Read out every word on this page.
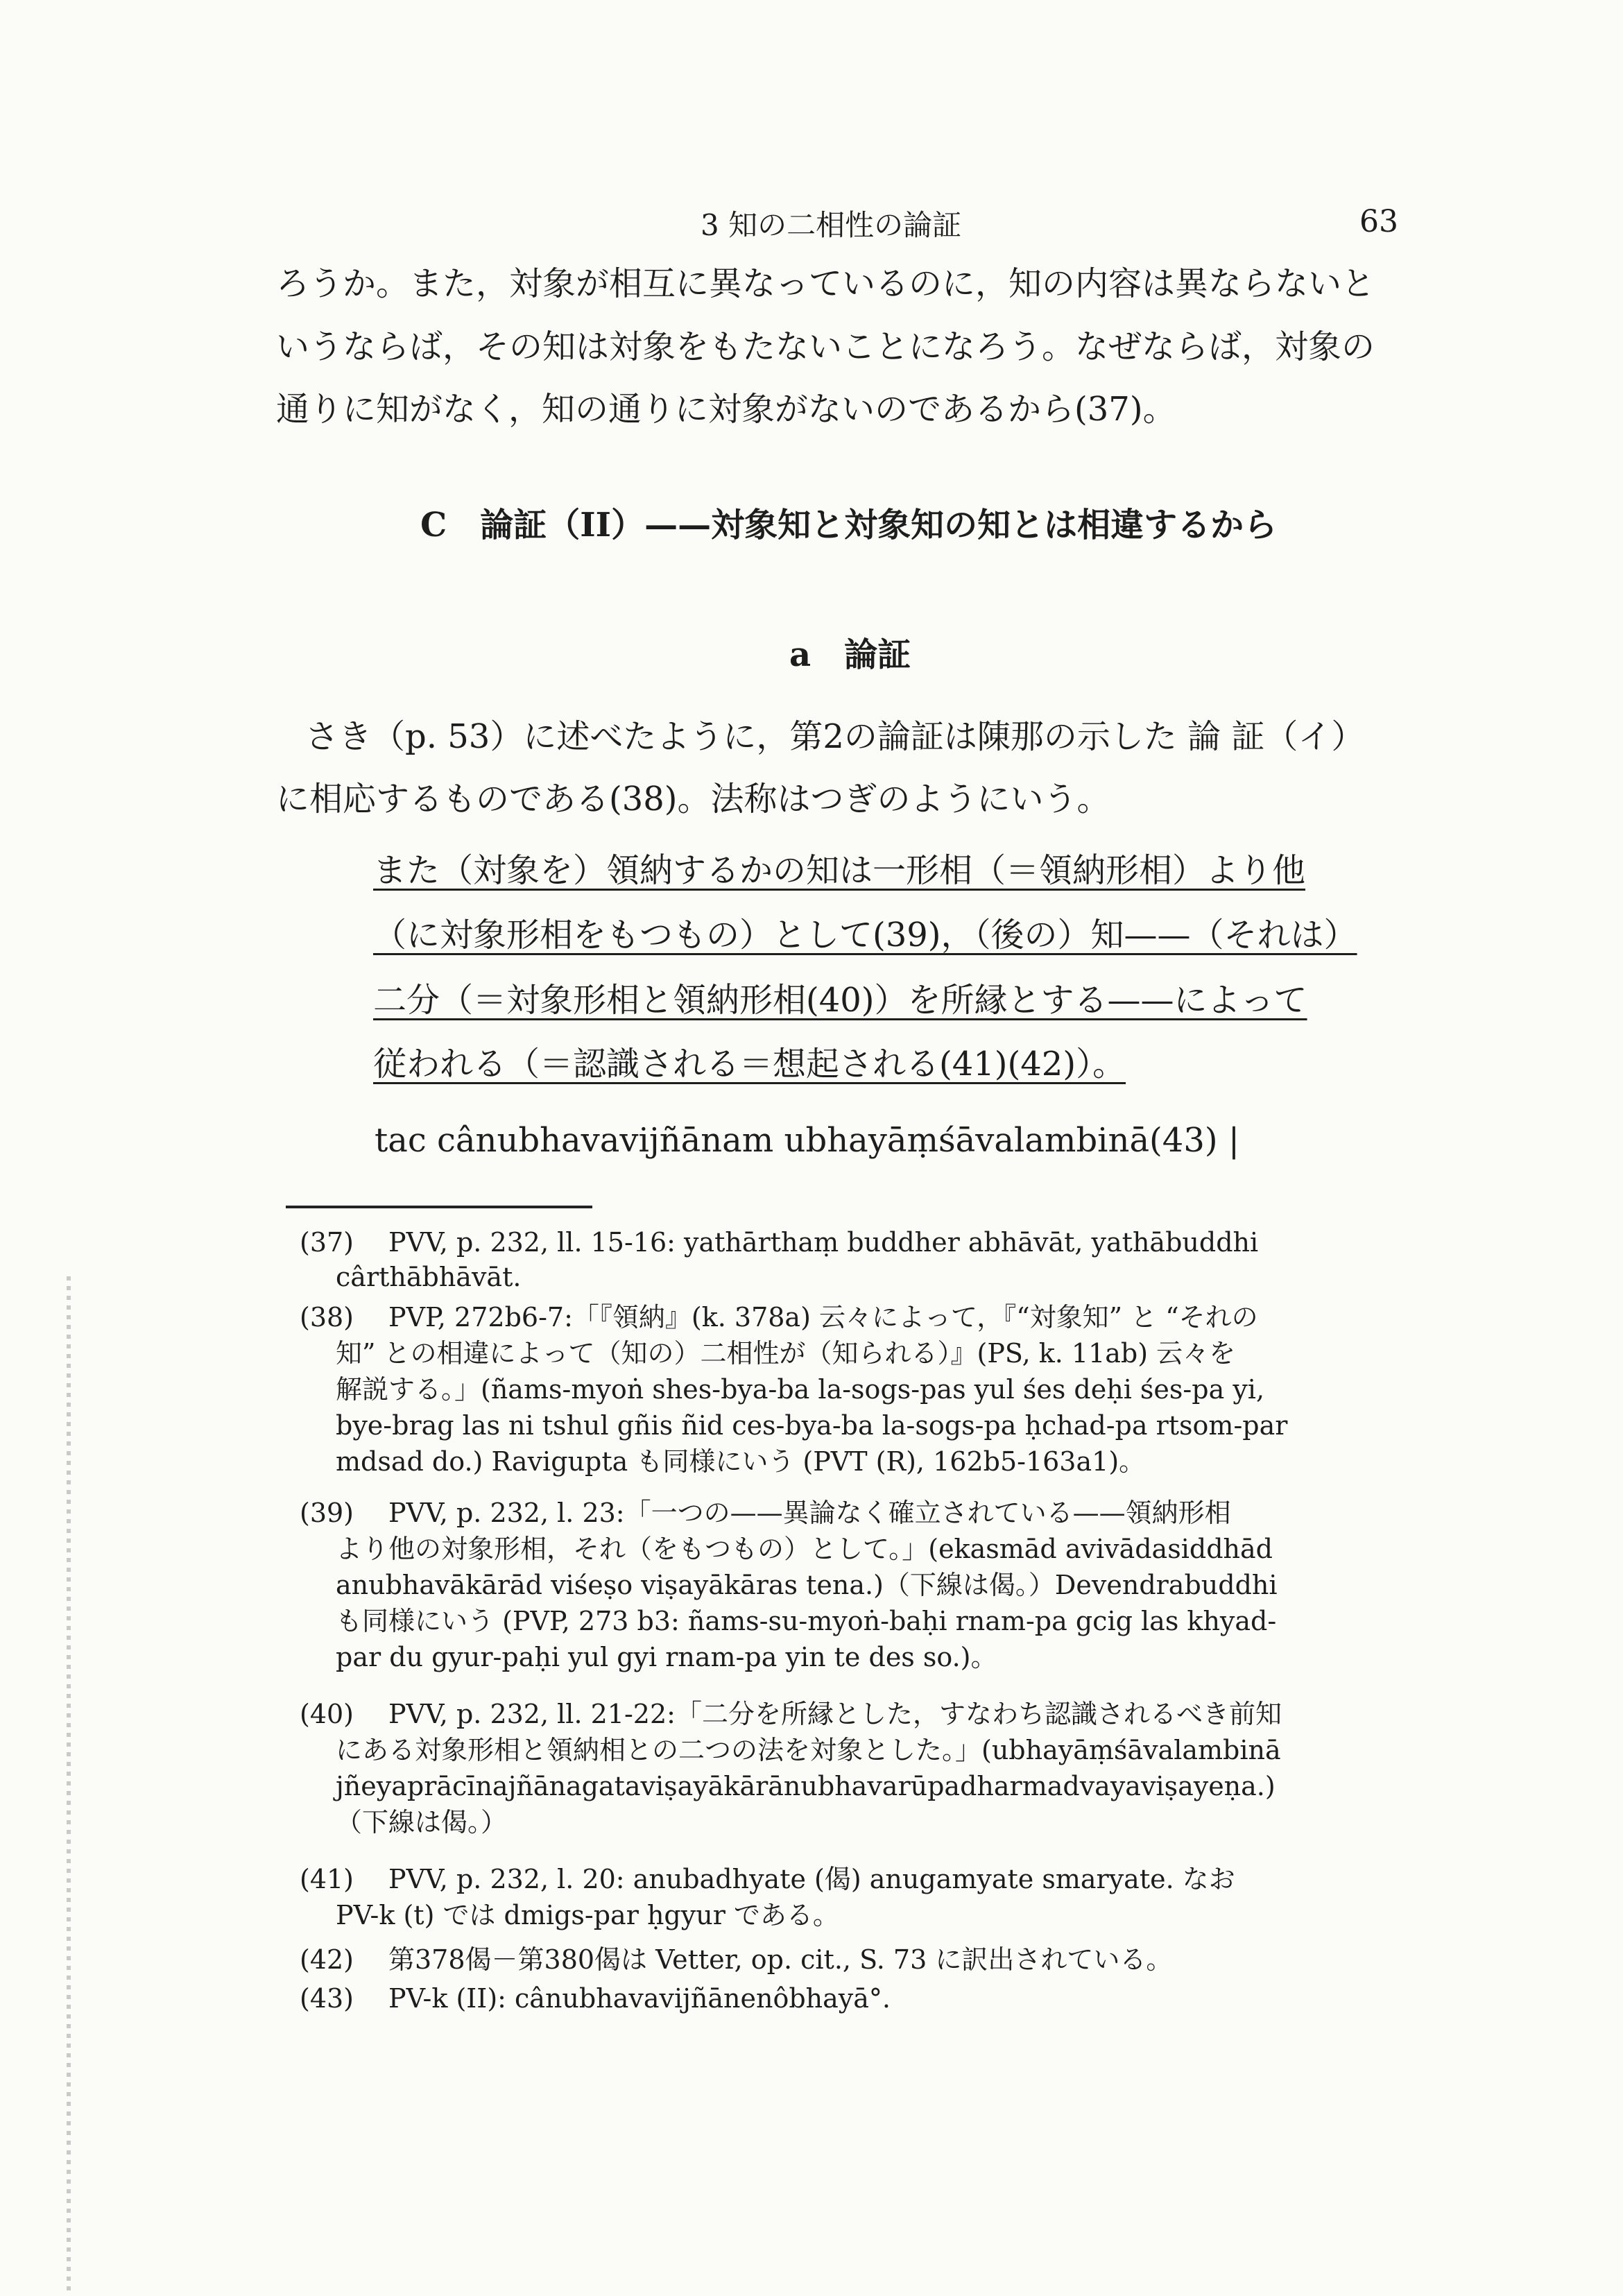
3 知の二相性の論証	63
ろうか。また，対象が相互に異なっているのに，知の内容は異ならないと
いうならば，その知は対象をもたないことになろう。なぜならば，対象の
通りに知がなく，知の通りに対象がないのであるから(37)。
C　論証（II）——対象知と対象知の知とは相違するから
a　論証
さき（p. 53）に述べたように，第2の論証は陳那の示した 論 証（イ）
に相応するものである(38)。法称はつぎのようにいう。
また（対象を）領納するかの知は一形相（＝領納形相）より他
（に対象形相をもつもの）として(39)，（後の）知——（それは）
二分（＝対象形相と領納形相(40)）を所縁とする——によって
従われる（＝認識される＝想起される(41)(42)）。
tac cânubhavavijñānam ubhayāṃśāvalambinā(43) |
(37) PVV, p. 232, ll. 15-16: yathārthaṃ buddher abhāvāt, yathābuddhi
cârthābhāvāt.
(38) PVP, 272b6-7:「『領納』(k. 378a) 云々によって，『“対象知” と “それの
知” との相違によって（知の）二相性が（知られる）』(PS, k. 11ab) 云々を
解説する。」(ñams-myoṅ shes-bya-ba la-sogs-pas yul śes deḥi śes-pa yi,
bye-brag las ni tshul gñis ñid ces-bya-ba la-sogs-pa ḥchad-pa rtsom-par
mdsad do.) Ravigupta も同様にいう (PVT (R), 162b5-163a1)。
(39) PVV, p. 232, l. 23:「一つの——異論なく確立されている——領納形相
より他の対象形相，それ（をもつもの）として。」(ekasmād avivādasiddhād
anubhavākārād viśeṣo viṣayākāras tena.)（下線は偈。）Devendrabuddhi
も同様にいう (PVP, 273 b3: ñams-su-myoṅ-baḥi rnam-pa gcig las khyad-
par du gyur-paḥi yul gyi rnam-pa yin te des so.)。
(40) PVV, p. 232, ll. 21-22:「二分を所縁とした，すなわち認識されるべき前知
にある対象形相と領納相との二つの法を対象とした。」(ubhayāṃśāvalambinā
jñeyaprācīnajñānagataviṣayākārānubhavarūpadharmadvayaviṣayeṇa.)
（下線は偈。）
(41) PVV, p. 232, l. 20: anubadhyate (偈) anugamyate smaryate. なお
PV-k (t) では dmigs-par ḥgyur である。
(42) 第378偈－第380偈は Vetter, op. cit., S. 73 に訳出されている。
(43) PV-k (II): cânubhavavijñānenôbhayā°.
